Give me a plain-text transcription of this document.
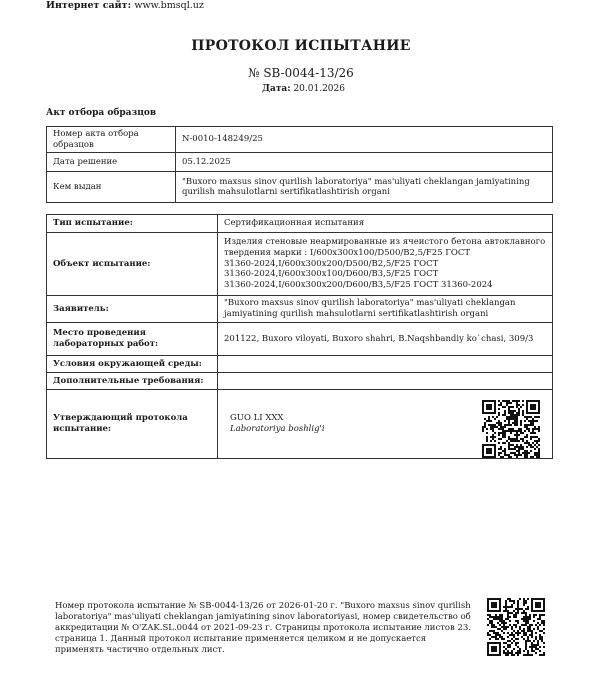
Интернет сайт: www.bmsql.uz
ПРОТОКОЛ ИСПЫТАНИЕ
№ SB-0044-13/26
Дата: 20.01.2026
Акт отбора образцов
Номер акта отбора образцов	N-0010-148249/25
Дата решение	05.12.2025
Кем выдан	"Buxoro maxsus sinov qurilish laboratoriya" mas'uliyati cheklangan jamiyatining qurilish mahsulotlarni sertifikatlashtirish organi
Тип испытание:	Сертификационная испытания
Объект испытание:	Изделия стеновые неармированные из ячеистого бетона автоклавного
твердения марки : I/600x300x100/D500/B2,5/F25 ГОСТ
31360-2024,I/600x300x200/D500/B2,5/F25 ГОСТ
31360-2024,I/600x300x100/D600/B3,5/F25 ГОСТ
31360-2024,I/600x300x200/D600/B3,5/F25 ГОСТ 31360-2024

Заявитель:	"Buxoro maxsus sinov qurilish laboratoriya" mas'uliyati cheklangan jamiyatining qurilish mahsulotlarni sertifikatlashtirish organi
Место проведения лабораторных работ:	201122, Buxoro viloyati, Buxoro shahri, B.Naqshbandiy ko`chasi, 309/3
Условия окружающей среды:	
Дополнительные требования:	
Утверждающий протокола испытание:	GUO LI XXX
Laboratoriya boshlig'i
Номер протокола испытание № SB-0044-13/26 от 2026-01-20 г. "Buxoro maxsus sinov qurilish laboratoriya" mas'uliyati cheklangan jamiyatining sinov laboratoriyasi, номер свидетельство об аккредитации № O'ZAK.SL.0044 от 2021-09-23 г. Страницы протокола испытание листов 23. страница 1. Данный протокол испытание применяется целиком и не допускается применять частично отдельных лист.
